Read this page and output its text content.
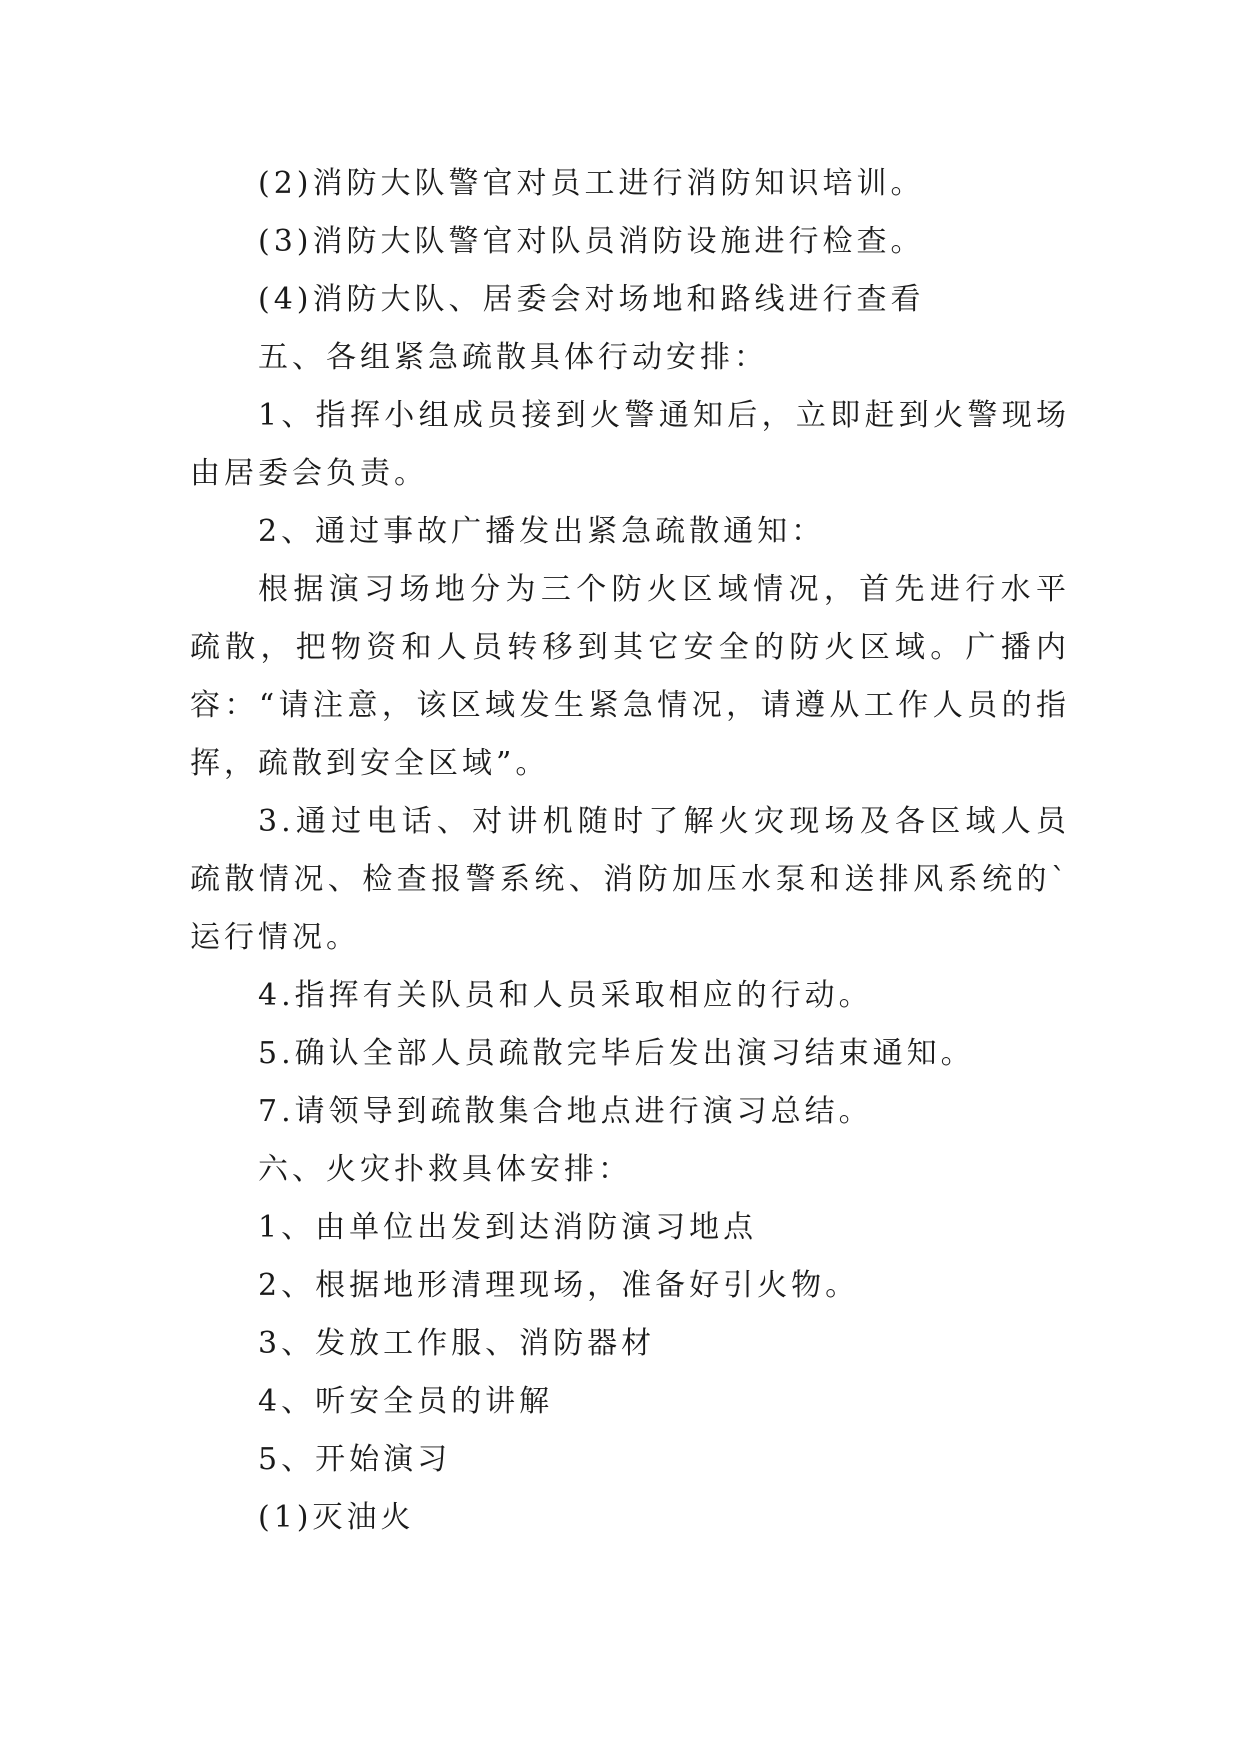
(2)消防大队警官对员工进行消防知识培训。

(3)消防大队警官对队员消防设施进行检查。

(4)消防大队、居委会对场地和路线进行查看

五、各组紧急疏散具体行动安排：

1、指挥小组成员接到火警通知后，立即赶到火警现场由居委会负责。

2、通过事故广播发出紧急疏散通知：

根据演习场地分为三个防火区域情况，首先进行水平疏散，把物资和人员转移到其它安全的防火区域。广播内容：“请注意，该区域发生紧急情况，请遵从工作人员的指挥，疏散到安全区域”。

3.通过电话、对讲机随时了解火灾现场及各区域人员疏散情况、检查报警系统、消防加压水泵和送排风系统的`运行情况。

4.指挥有关队员和人员采取相应的行动。

5.确认全部人员疏散完毕后发出演习结束通知。

7.请领导到疏散集合地点进行演习总结。

六、火灾扑救具体安排：

1、由单位出发到达消防演习地点

2、根据地形清理现场，准备好引火物。

3、发放工作服、消防器材

4、听安全员的讲解

5、开始演习

(1)灭油火
